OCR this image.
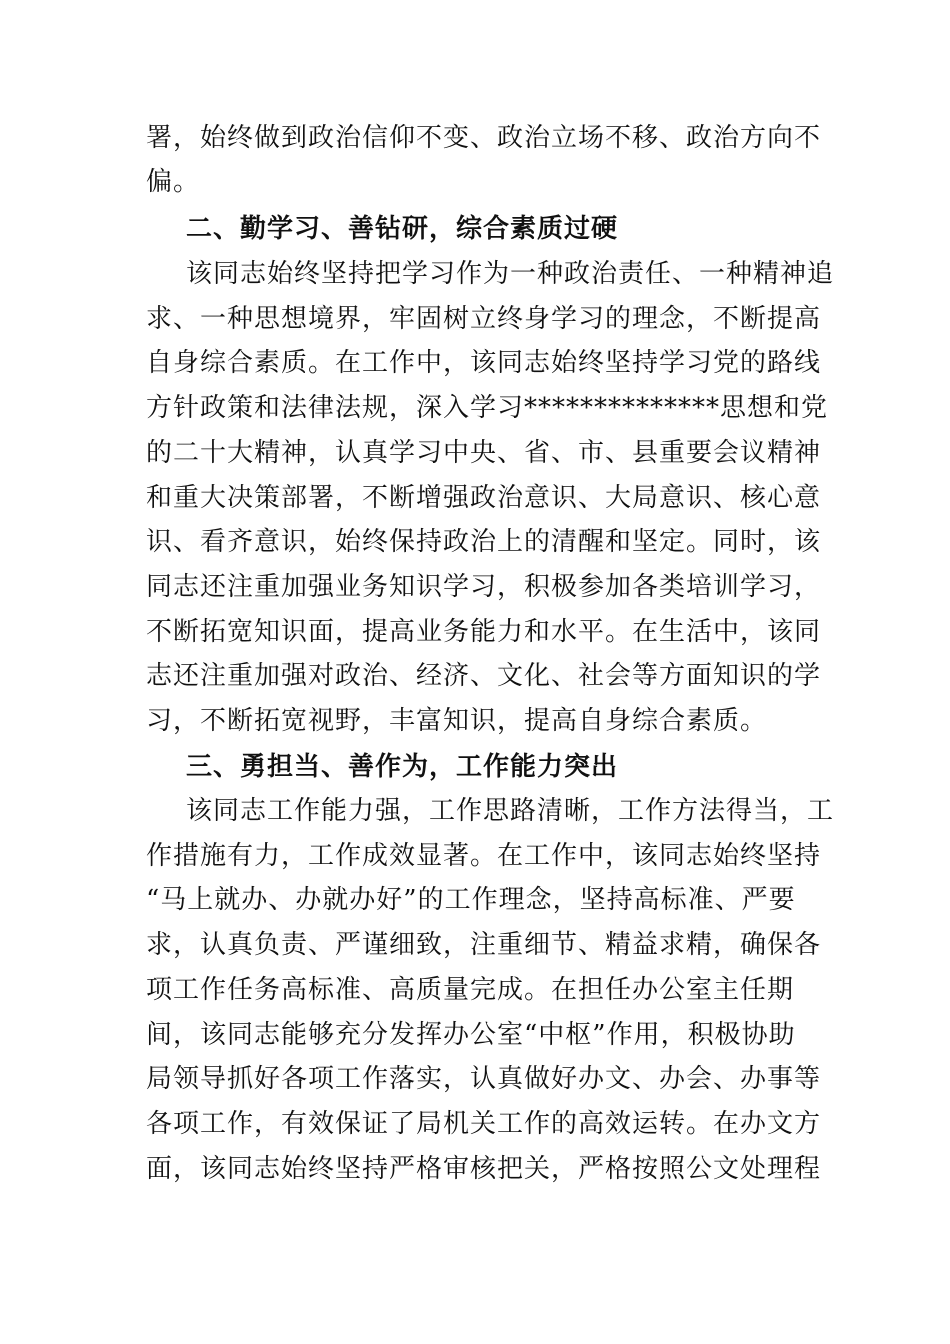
署，始终做到政治信仰不变、政治立场不移、政治方向不
偏。
二、勤学习、善钻研，综合素质过硬
该同志始终坚持把学习作为一种政治责任、一种精神追
求、一种思想境界，牢固树立终身学习的理念，不断提高
自身综合素质。在工作中，该同志始终坚持学习党的路线
方针政策和法律法规，深入学习**************思想和党
的二十大精神，认真学习中央、省、市、县重要会议精神
和重大决策部署，不断增强政治意识、大局意识、核心意
识、看齐意识，始终保持政治上的清醒和坚定。同时，该
同志还注重加强业务知识学习，积极参加各类培训学习，
不断拓宽知识面，提高业务能力和水平。在生活中，该同
志还注重加强对政治、经济、文化、社会等方面知识的学
习，不断拓宽视野，丰富知识，提高自身综合素质。
三、勇担当、善作为，工作能力突出
该同志工作能力强，工作思路清晰，工作方法得当，工
作措施有力，工作成效显著。在工作中，该同志始终坚持
“马上就办、办就办好”的工作理念，坚持高标准、严要
求，认真负责、严谨细致，注重细节、精益求精，确保各
项工作任务高标准、高质量完成。在担任办公室主任期
间，该同志能够充分发挥办公室“中枢”作用，积极协助
局领导抓好各项工作落实，认真做好办文、办会、办事等
各项工作，有效保证了局机关工作的高效运转。在办文方
面，该同志始终坚持严格审核把关，严格按照公文处理程
